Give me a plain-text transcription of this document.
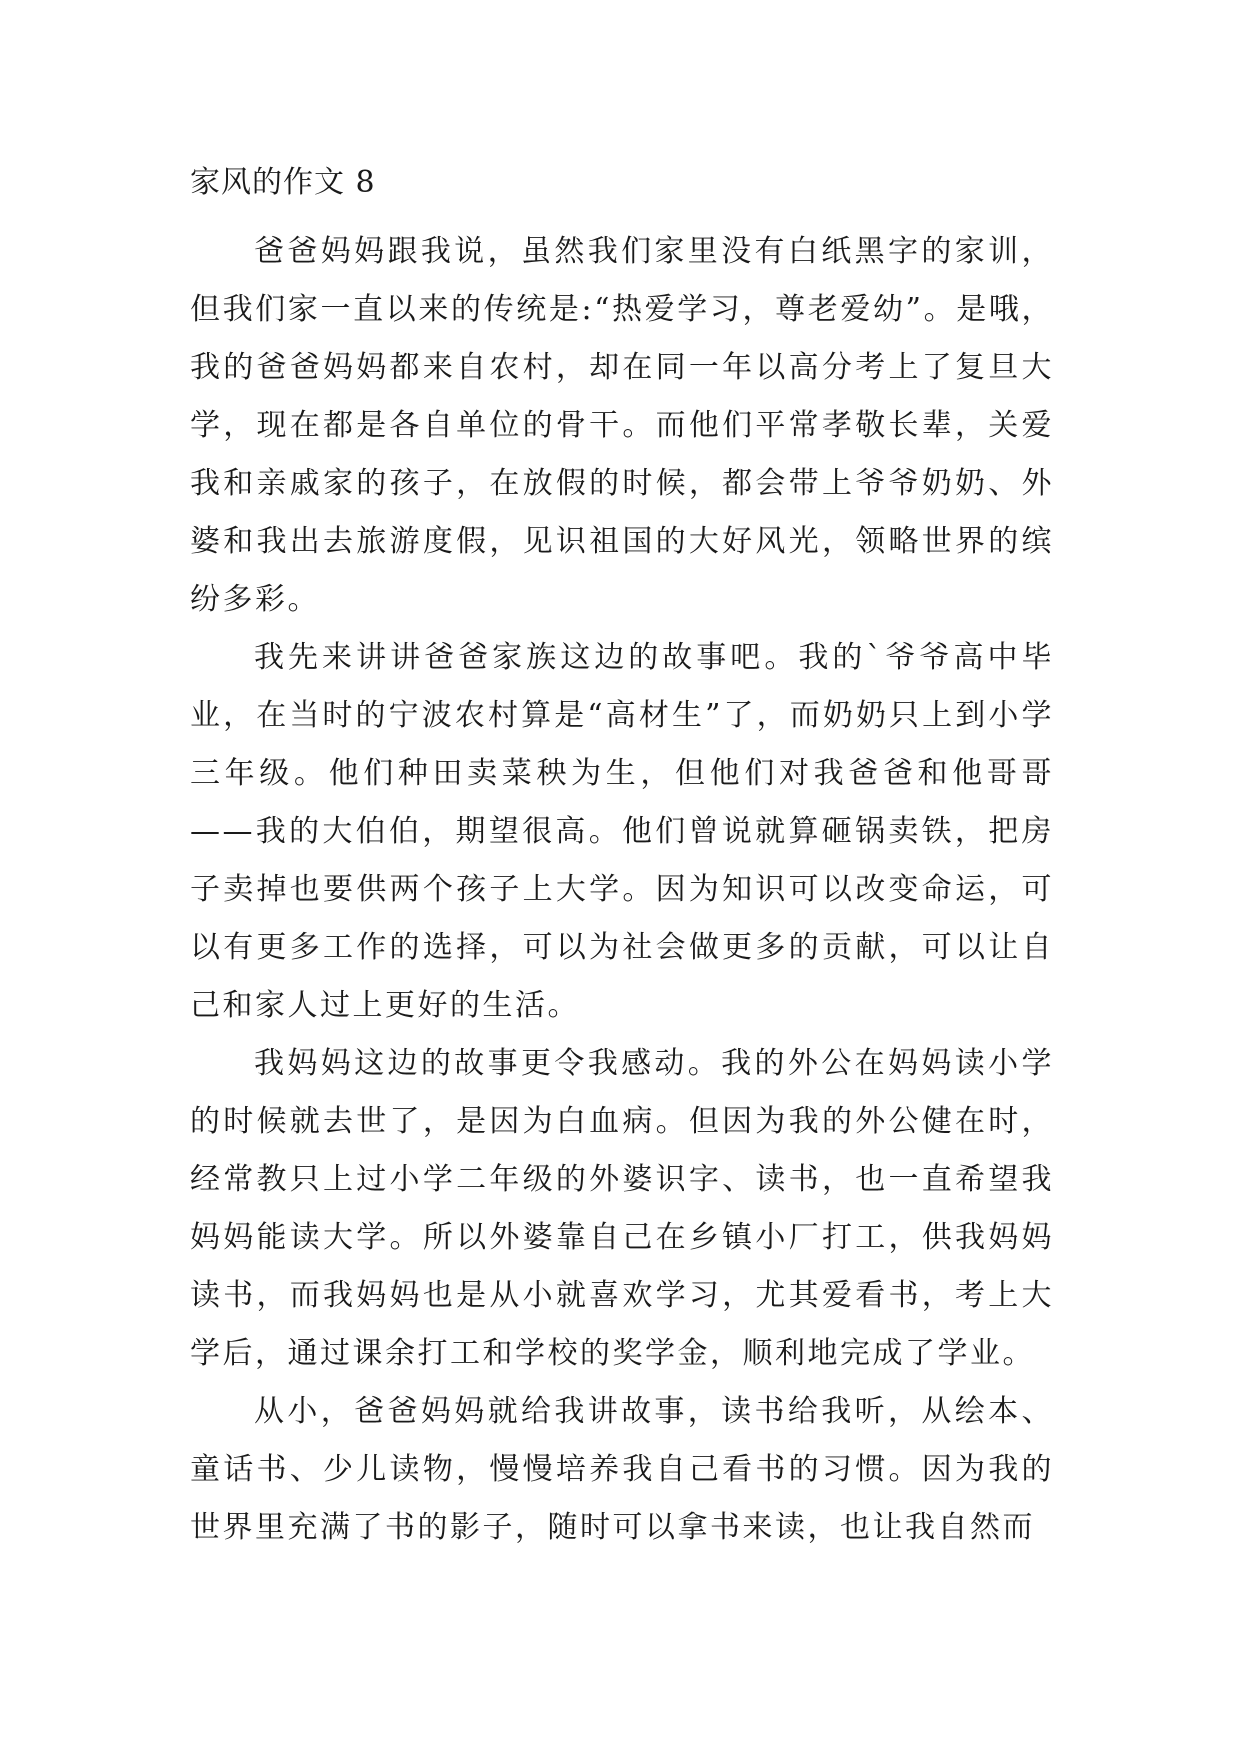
家风的作文 8

爸爸妈妈跟我说，虽然我们家里没有白纸黑字的家训，但我们家一直以来的传统是:“热爱学习，尊老爱幼”。是哦，我的爸爸妈妈都来自农村，却在同一年以高分考上了复旦大学，现在都是各自单位的骨干。而他们平常孝敬长辈，关爱我和亲戚家的孩子，在放假的时候，都会带上爷爷奶奶、外婆和我出去旅游度假，见识祖国的大好风光，领略世界的缤纷多彩。

我先来讲讲爸爸家族这边的故事吧。我的`爷爷高中毕业，在当时的宁波农村算是“高材生”了，而奶奶只上到小学三年级。他们种田卖菜秧为生，但他们对我爸爸和他哥哥——我的大伯伯，期望很高。他们曾说就算砸锅卖铁，把房子卖掉也要供两个孩子上大学。因为知识可以改变命运，可以有更多工作的选择，可以为社会做更多的贡献，可以让自己和家人过上更好的生活。

我妈妈这边的故事更令我感动。我的外公在妈妈读小学的时候就去世了，是因为白血病。但因为我的外公健在时，经常教只上过小学二年级的外婆识字、读书，也一直希望我妈妈能读大学。所以外婆靠自己在乡镇小厂打工，供我妈妈读书，而我妈妈也是从小就喜欢学习，尤其爱看书，考上大学后，通过课余打工和学校的奖学金，顺利地完成了学业。

从小，爸爸妈妈就给我讲故事，读书给我听，从绘本、童话书、少儿读物，慢慢培养我自己看书的习惯。因为我的世界里充满了书的影子，随时可以拿书来读，也让我自然而
